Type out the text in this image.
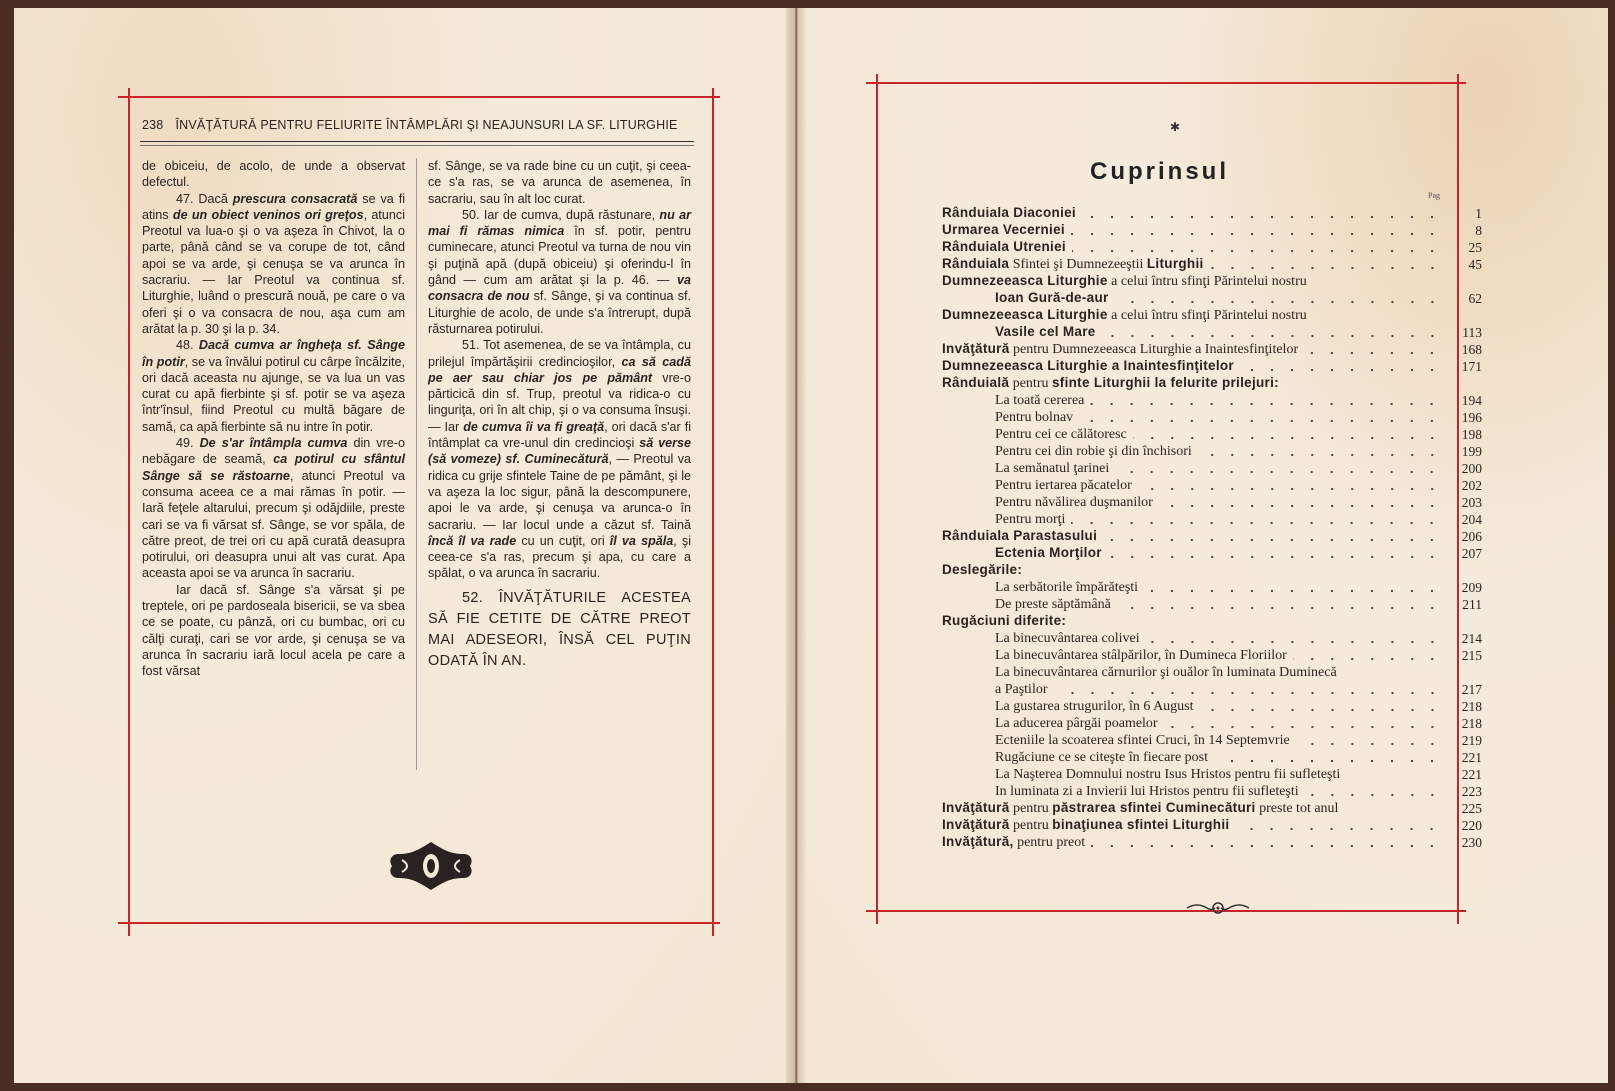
238 ÎNVĂŢĂTURĂ PENTRU FELIURITE ÎNTÂMPLĂRI ŞI NEAJUNSURI LA SF. LITURGHIE

de obiceiu, de acolo, de unde a observat defectul.

47. Dacă prescura consacrată se va fi atins de un obiect veninos ori greţos, atunci Preotul va lua-o şi o va aşeza în Chivot, la o parte, până când se va corupe de tot, când apoi se va arde, şi cenuşa se va arunca în sacrariu. — Iar Preotul va continua sf. Liturghie, luând o prescură nouă, pe care o va oferi şi o va consacra de nou, aşa cum am arătat la p. 30 şi la p. 34.

48. Dacă cumva ar îngheţa sf. Sânge în potir, se va învălui potirul cu cârpe încălzite, ori dacă aceasta nu ajunge, se va lua un vas curat cu apă fierbinte şi sf. potir se va aşeza într'însul, fiind Preotul cu multă băgare de samă, ca apă fierbinte să nu intre în potir.

49. De s'ar întâmpla cumva din vre-o nebăgare de seamă, ca potirul cu sfântul Sânge să se răstoarne, atunci Preotul va consuma aceea ce a mai rămas în potir. — Iară feţele altarului, precum şi odăjdiile, preste cari se va fi vărsat sf. Sânge, se vor spăla, de către preot, de trei ori cu apă curată deasupra potirului, ori deasupra unui alt vas curat. Apa aceasta apoi se va arunca în sacrariu.

Iar dacă sf. Sânge s'a vărsat şi pe treptele, ori pe pardoseala bisericii, se va sbea ce se poate, cu pânză, ori cu bumbac, ori cu călţi curaţi, cari se vor arde, şi cenuşa se va arunca în sacrariu iară locul acela pe care a fost vărsat

sf. Sânge, se va rade bine cu un cuţit, şi ceea-ce s'a ras, se va arunca de asemenea, în sacrariu, sau în alt loc curat.

50. Iar de cumva, după răstunare, nu ar mai fi rămas nimica în sf. potir, pentru cuminecare, atunci Preotul va turna de nou vin şi puţină apă (după obiceiu) şi oferindu-l în gând — cum am arătat şi la p. 46. — va consacra de nou sf. Sânge, şi va continua sf. Liturghie de acolo, de unde s'a întrerupt, după răsturnarea potirului.

51. Tot asemenea, de se va întâmpla, cu prilejul împărtăşirii credincioşilor, ca să cadă pe aer sau chiar jos pe pământ vre-o părticică din sf. Trup, preotul va ridica-o cu linguriţa, ori în alt chip, şi o va consuma însuşi. — Iar de cumva îi va fi greaţă, ori dacă s'ar fi întâmplat ca vre-unul din credincioşi să verse (să vomeze) sf. Cuminecătură, — Preotul va ridica cu grije sfintele Taine de pe pământ, şi le va aşeza la loc sigur, până la descompunere, apoi le va arde, şi cenuşa va arunca-o în sacrariu. — Iar locul unde a căzut sf. Taină încă îl va rade cu un cuţit, ori îl va spăla, şi ceea-ce s'a ras, precum şi apa, cu care a spălat, o va arunca în sacrariu.

52. ÎNVĂŢĂTURILE ACESTEA SĂ FIE CETITE DE CĂTRE PREOT MAI ADESEORI, ÎNSĂ CEL PUŢIN ODATĂ ÎN AN.

✱
Cuprinsul
Pag
Rânduiala Diaconiei	1
Urmarea Vecerniei	8
Rânduiala Utreniei	25
Rânduiala Sfintei şi Dumnezeeştii Liturghii	45
Dumnezeeasca Liturghie a celui întru sfinţi Părintelui nostru
Ioan Gură-de-aur	62
Dumnezeeasca Liturghie a celui întru sfinţi Părintelui nostru
Vasile cel Mare	113
Invăţătură pentru Dumnezeeasca Liturghie a Inaintesfinţitelor	168
Dumnezeeasca Liturghie a Inaintesfinţitelor	171
Rânduială pentru sfinte Liturghii la felurite prilejuri:
La toată cererea	194
Pentru bolnav	196
Pentru cei ce călătoresc	198
Pentru cei din robie şi din închisori	199
La semănatul ţarinei	200
Pentru iertarea păcatelor	202
Pentru năvălirea duşmanilor	203
Pentru morţi	204
Rânduiala Parastasului	206
Ectenia Morţilor	207
Deslegările:
La serbătorile împărăteşti	209
De preste săptămână	211
Rugăciuni diferite:
La binecuvântarea colivei	214
La binecuvântarea stâlpărilor, în Dumineca Floriilor	215
La binecuvântarea cărnurilor şi ouălor în luminata Duminecă
a Paştilor	217
La gustarea strugurilor, în 6 August	218
La aducerea pârgăi poamelor	218
Ecteniile la scoaterea sfintei Cruci, în 14 Septemvrie	219
Rugăciune ce se citeşte în fiecare post	221
La Naşterea Domnului nostru Isus Hristos pentru fii sufleteşti	221
In luminata zi a Invierii lui Hristos pentru fii sufleteşti	223
Invăţătură pentru păstrarea sfintei Cuminecături preste tot anul	225
Invăţătură pentru binaţiunea sfintei Liturghii	220
Invăţătură, pentru preot	230
